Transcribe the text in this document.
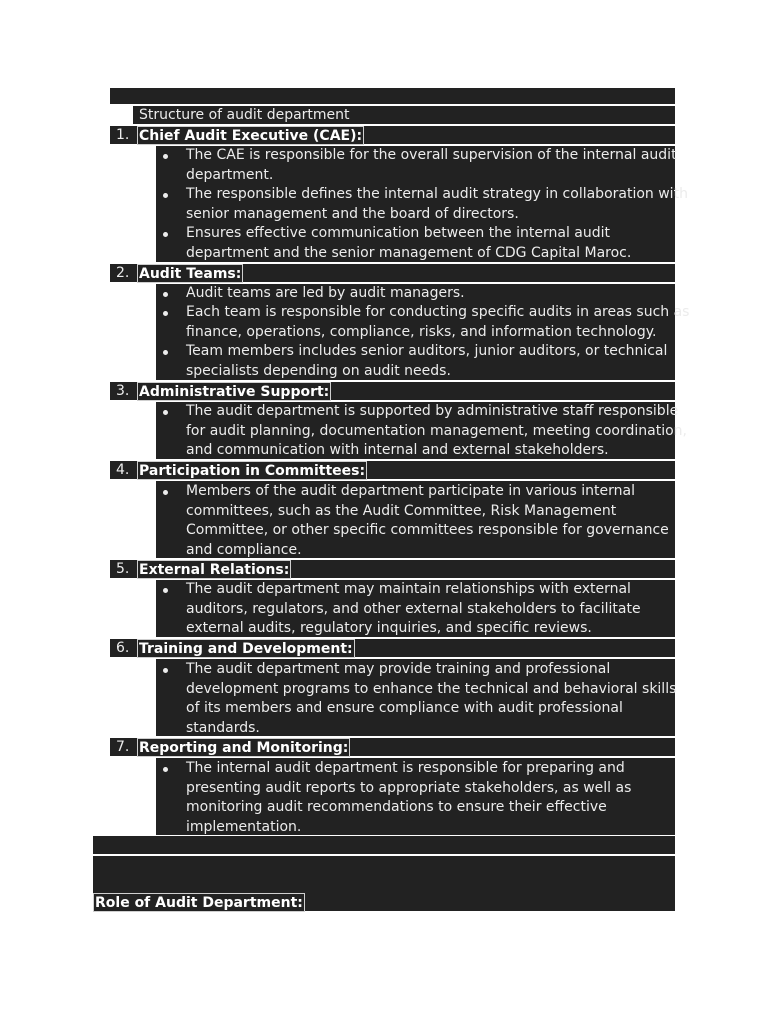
Structure of audit department
1. Chief Audit Executive (CAE):
The CAE is responsible for the overall supervision of the internal audit
department.
The responsible defines the internal audit strategy in collaboration with
senior management and the board of directors.
Ensures effective communication between the internal audit
department and the senior management of CDG Capital Maroc.
2. Audit Teams:
Audit teams are led by audit managers.
Each team is responsible for conducting specific audits in areas such as
finance, operations, compliance, risks, and information technology.
Team members includes senior auditors, junior auditors, or technical
specialists depending on audit needs.
3. Administrative Support:
The audit department is supported by administrative staff responsible
for audit planning, documentation management, meeting coordination,
and communication with internal and external stakeholders.
4. Participation in Committees:
Members of the audit department participate in various internal
committees, such as the Audit Committee, Risk Management
Committee, or other specific committees responsible for governance
and compliance.
5. External Relations:
The audit department may maintain relationships with external
auditors, regulators, and other external stakeholders to facilitate
external audits, regulatory inquiries, and specific reviews.
6. Training and Development:
The audit department may provide training and professional
development programs to enhance the technical and behavioral skills
of its members and ensure compliance with audit professional
standards.
7. Reporting and Monitoring:
The internal audit department is responsible for preparing and
presenting audit reports to appropriate stakeholders, as well as
monitoring audit recommendations to ensure their effective
implementation.
Role of Audit Department:
